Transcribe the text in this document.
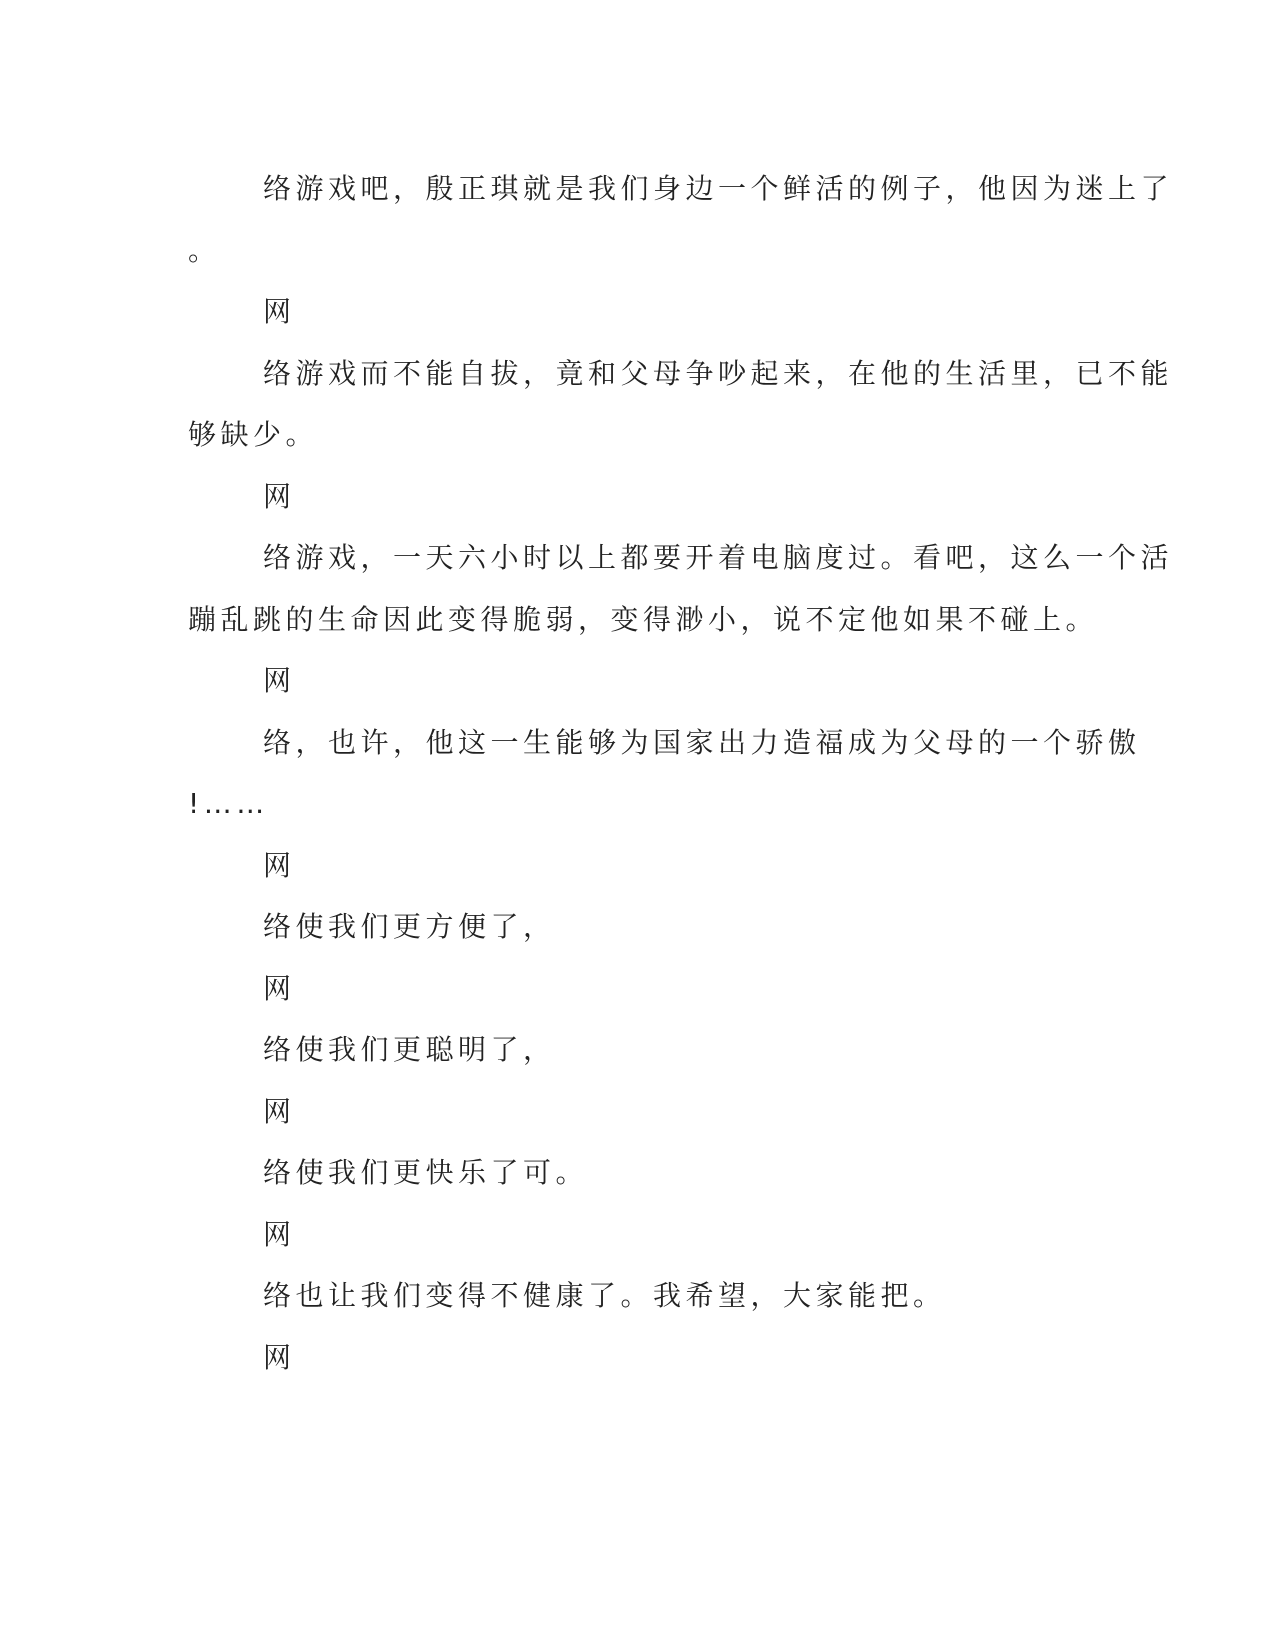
络游戏吧，殷正琪就是我们身边一个鲜活的例子，他因为迷上了
。
网
络游戏而不能自拔，竟和父母争吵起来，在他的生活里，已不能
够缺少。
网
络游戏，一天六小时以上都要开着电脑度过。看吧，这么一个活
蹦乱跳的生命因此变得脆弱，变得渺小，说不定他如果不碰上。
网
络，也许，他这一生能够为国家出力造福成为父母的一个骄傲
!……
网
络使我们更方便了，
网
络使我们更聪明了，
网
络使我们更快乐了可。
网
络也让我们变得不健康了。我希望，大家能把。
网
